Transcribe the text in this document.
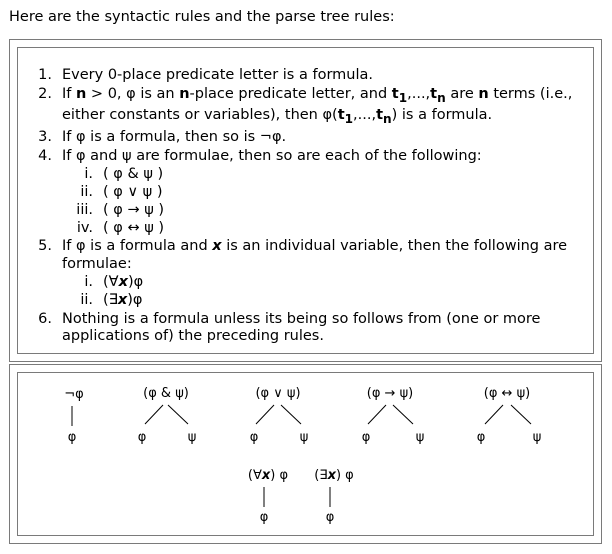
Here are the syntactic rules and the parse tree rules:
1. Every 0-place predicate letter is a formula.
2. If n > 0, φ is an n-place predicate letter, and $t_1,...,t_n$ are n terms (i.e.,
either constants or variables), then $\varphi(t_1,...,t_n)$ is a formula.
3. If φ is a formula, then so is ¬φ.
4. If φ and ψ are formulae, then so are each of the following:
i. ( φ & ψ )
ii. ( φ ∨ ψ )
iii. ( φ → ψ )
iv. ( φ ↔ ψ )
5. If φ is a formula and x is an individual variable, then the following are
formulae:
i. (∀x)φ
ii. (∃x)φ
6. Nothing is a formula unless its being so follows from (one or more
applications of) the preceding rules.
¬φ
φ
(φ & ψ)
φ	ψ
(φ ∨ ψ)
φ	ψ
(φ → ψ)
φ	ψ
(φ ↔ ψ)
φ	ψ
(∀x) φ
φ
(∃x) φ
φ
